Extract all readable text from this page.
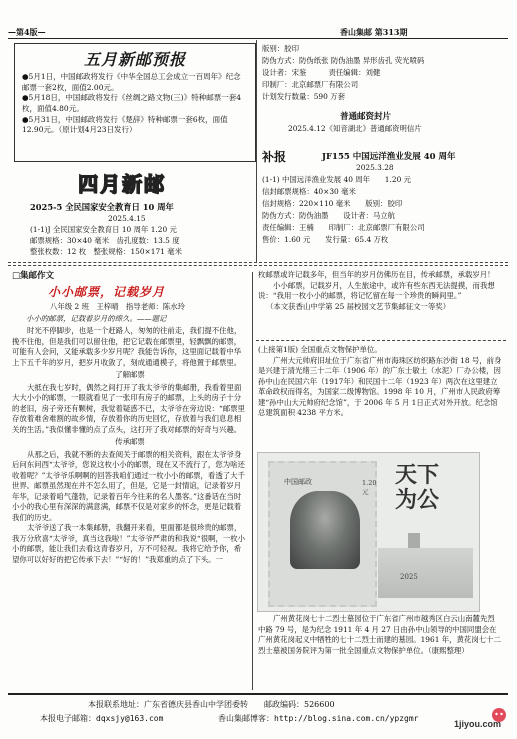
—第4版—	香山集邮 第313期
五月新邮预报

●5月1日，中国邮政将发行《中华全国总工会成立一百周年》纪念邮票一套2枚，面值2.00元。

●5月18日，中国邮政将发行《丝绸之路文物(三)》特种邮票一套4枚，面值4.80元。

●5月31日，中国邮政将发行《楚辞》特种邮票一套6枚，面值12.90元。（原计划4月23日发行）

四月新邮
2025-5 全民国家安全教育日 10 周年
2025.4.15
(1-1)J 全民国家安全教育日 10 周年 1.20 元
邮票规格：30×40 毫米　齿孔度数：13.5 度
整张枚数：12 枚　整张规格：150×171 毫米
版别：胶印
防伪方式：防伪纸张 防伪油墨 异形齿孔 荧光喷码
设计者：宋鉴　　　责任编辑：刘健
印制厂：北京邮票厂有限公司
计划发行数量：590 万套
普通邮资封片
2025.4.12《知音湖北》普通邮资明信片
补报	JF155 中国远洋渔业发展 40 周年
2025.3.28
(1-1) 中国远洋渔业发展 40 周年　　1.20 元
信封邮票规格：40×30 毫米
信封规格：220×110 毫米　　版别：胶印
防伪方式：防伪油墨　　设计者：马立航
责任编辑：王楠　　印制厂：北京邮票厂有限公司
售价：1.60 元　　发行量：65.4 万枚
□集邮作文
小小邮票，记载岁月
八年级 2 班　王梓晴　指导老师：陈水玲
小小的邮票，记载着岁月的绵久。——题记

时光不停脚步，也是一个赶路人，匆匆的往前走，我们提不住他，挽不住他，但是我们可以留住他，把它记载在邮票里，轻飘飘的邮票，可能有人会问，又能承载多少岁月呢？我能告诉你，这里面记载着中华上下五千年的岁月，把岁月收敛了，刻成通通模子，将他置于邮票里。

了解邮票

大抵在我七岁时，偶然之间打开了我太爷爷的集邮册，我看着里面大大小小的邮票，一眼就看见了一张印有房子的邮票，上头的房子十分的老旧，房子旁还有颗树，我觉着疑惑不已，太爷爷在旁边说：“邮票里存放着难舍难割的故乡情，存放着你的历史回忆，存放着与我们息息相关的生活。”我似懂非懂的点了点头，这打开了我对邮票的好奇与兴趣。

传承邮票

从那之后，我就不断的去查阅关于邮票的相关资料，跟在太爷爷身后问东问西“太爷爷，您说这枚小小的邮票，现在又不流行了，您为啥还收着呢？”太爷爷乐啊啊的回答我咱们通过一枚小小的邮票，看透了大千世界。邮票虽然现在并不怎么用了，但是，它是一封情谊，记录着岁月年华，记录着咱气蓬勃，记录着百年今往来的名人墨客。”这番话在当时小小的我心里有深深的满意满，邮票不仅是对家乡的怀念，更是记载着我们的历史。

太爷爷送了我一本集邮册，我翻开来看，里面都是很珍贵的邮票，我万分欣喜“太爷爷，真当这我啦！”太爷爷严肃的和我说“很啊，一枚小小的邮票，能让我们去看这青春岁月，万不可轻视。我将它给予你，希望你可以好好的把它传承下去！”“好的！”我郑重的点了下头。一

枚邮票或许记载多年，但当年的岁月仿佛历在目，传承邮票，承载岁月！

小小邮票，记载岁月，人生旅途中，或许有些东西无法提摸，而我想说：“我用一枚小小的邮票，将记忆留在每一个珍贵的瞬间里。”

（本文获香山中学第 25 届校园文艺节集邮征文一等奖）

(上接第1版) 全国重点文物保护单位。

广州大元帅府旧址位于广东省广州市海珠区纺织路东沙街 18 号，前身是兴建于清光绪三十二年（1906 年）的广东士敏土（水泥）厂办公楼，因孙中山在民国六年（1917年）和民国十二年（1923 年）两次在这里建立革命政权而得名，为国家二级博物馆。1998 年 10 月，广州市人民政府筹建“孙中山大元帅府纪念馆”，于 2006 年 5 月 1日正式对外开放。纪念馆总建筑面积 4238 平方米。

中国邮政	1.20元
天下为公
2025

广州黄花岗七十二烈士墓园位于广东省广州市越秀区白云山南麓先烈中路 79 号，是为纪念 1911 年 4 月 27 日由孙中山领导的中国同盟会在广州黄花岗起义中牺牲的七十二烈士而建的墓园。1961 年，黄花岗七十二烈士墓被国务院评为第一批全国重点文物保护单位。（康熙整理）

本报联系地址：广东省德庆县香山中学团委转　　邮政编码：526600
本报电子邮箱：dqxsjy@163.com	香山集邮博客：http://blog.sina.com.cn/ypzgmr
1jiyou.com
